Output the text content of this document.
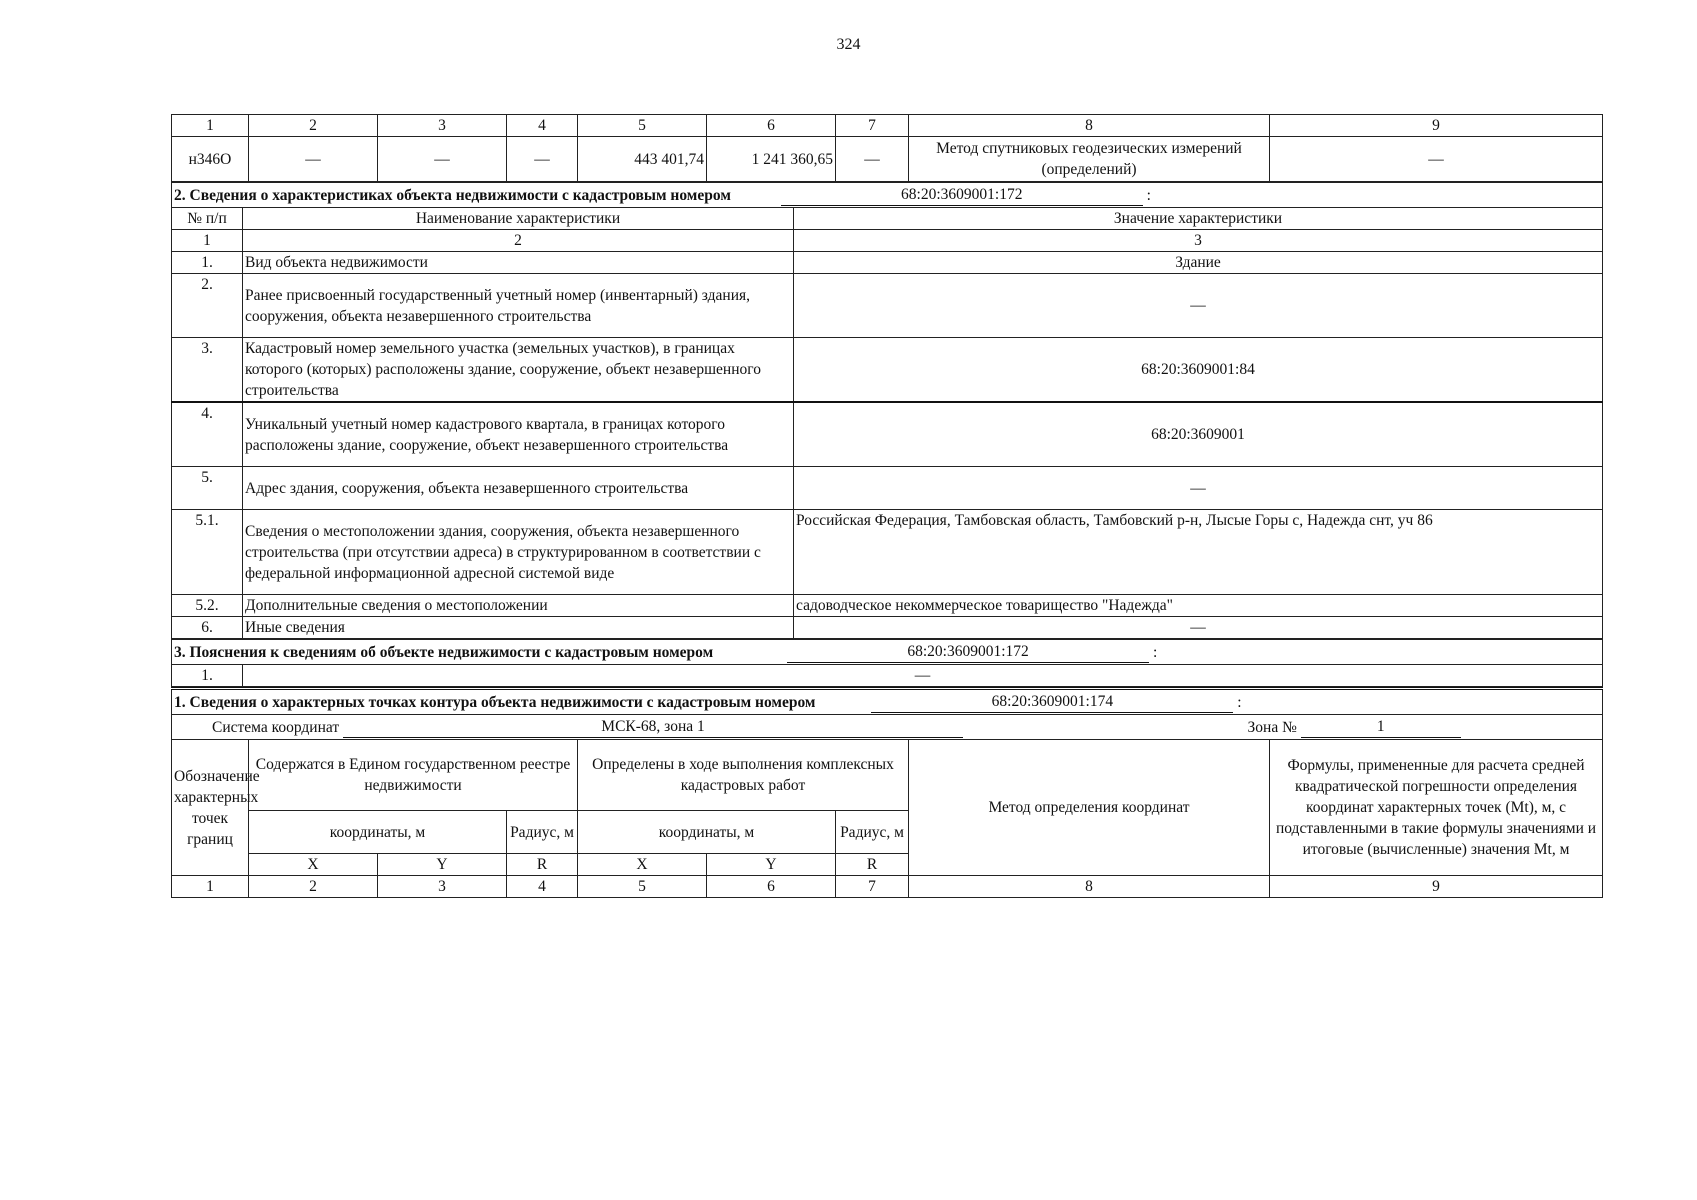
324
1	2	3	4	5	6	7	8	9
н346О	—	—	—	443 401,74	1 241 360,65	—	Метод спутниковых геодезических измерений (определений)	—
2. Сведения о характеристиках объекта недвижимости с кадастровым номером 68:20:3609001:172 :		
№ п/п	Наименование характеристики	Значение характеристики
1	2	3
1.	Вид объекта недвижимости	Здание
2.	Ранее присвоенный государственный учетный номер (инвентарный) здания, сооружения, объекта незавершенного строительства	—
3.	Кадастровый номер земельного участка (земельных участков), в границах которого (которых) расположены здание, сооружение, объект незавершенного строительства	68:20:3609001:84
4.	Уникальный учетный номер кадастрового квартала, в границах которого расположены здание, сооружение, объект незавершенного строительства	68:20:3609001
5.	Адрес здания, сооружения, объекта незавершенного строительства	—
5.1.	Сведения о местоположении здания, сооружения, объекта незавершенного строительства (при отсутствии адреса) в структурированном в соответствии с федеральной информационной адресной системой виде	Российская Федерация, Тамбовская область, Тамбовский р-н, Лысые Горы с, Надежда снт, уч 86
5.2.	Дополнительные сведения о местоположении	садоводческое некоммерческое товарищество "Надежда"
6.	Иные сведения	—
3. Пояснения к сведениям об объекте недвижимости с кадастровым номером	68:20:3609001:172	:
1.	—
1. Сведения о характерных точках контура объекта недвижимости с кадастровым номером 68:20:3609001:174 :								
Система координат МСК-68, зона 1 Зона № 1								
Обозначение характерных точек границ	Содержатся в Едином государственном реестре недвижимости			Определены в ходе выполнения комплексных кадастровых работ			Метод определения координат	Формулы, примененные для расчета средней квадратической погрешности определения координат характерных точек (Mt), м, с подставленными в такие формулы значениями и итоговые (вычисленные) значения Mt, м
	координаты, м		Радиус, м	координаты, м		Радиус, м		
	X	Y	R	X	Y	R		
1	2	3	4	5	6	7	8	9
